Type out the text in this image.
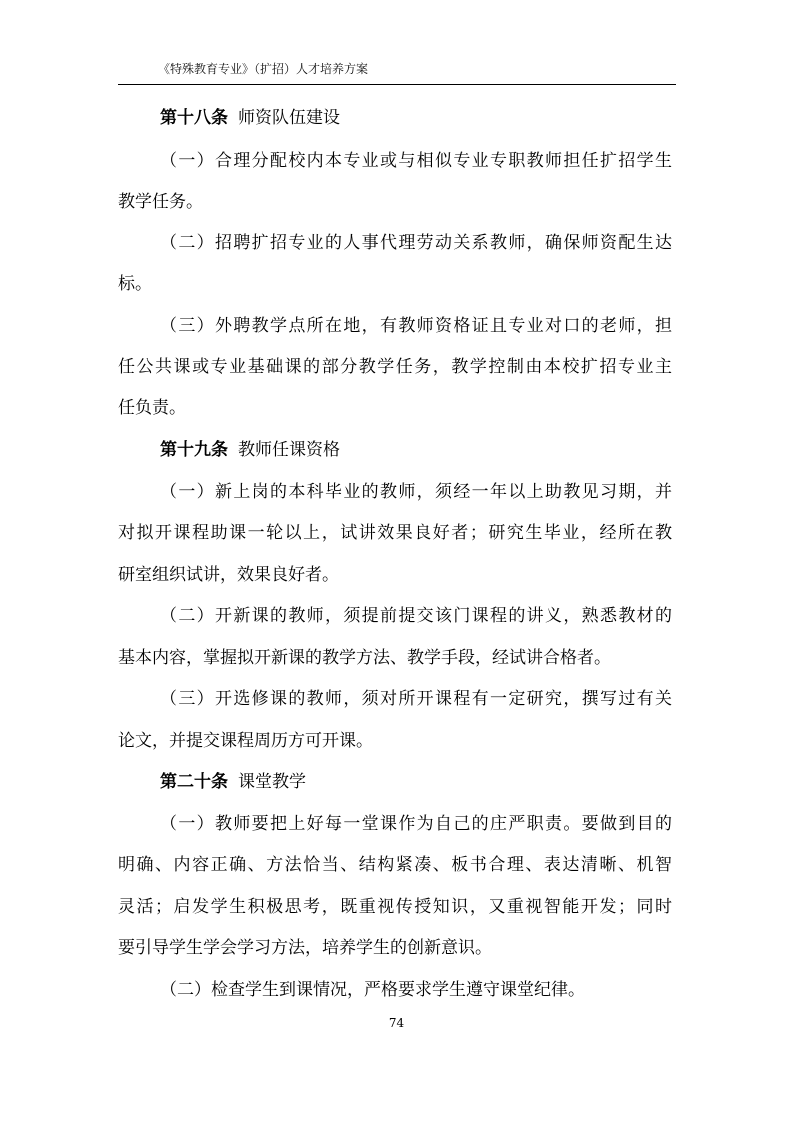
《特殊教育专业》（扩招）人才培养方案
第十八条 师资队伍建设
（一）合理分配校内本专业或与相似专业专职教师担任扩招学生
教学任务。
（二）招聘扩招专业的人事代理劳动关系教师，确保师资配生达
标。
（三）外聘教学点所在地，有教师资格证且专业对口的老师，担
任公共课或专业基础课的部分教学任务，教学控制由本校扩招专业主
任负责。
第十九条 教师任课资格
（一）新上岗的本科毕业的教师，须经一年以上助教见习期，并
对拟开课程助课一轮以上，试讲效果良好者；研究生毕业，经所在教
研室组织试讲，效果良好者。
（二）开新课的教师，须提前提交该门课程的讲义，熟悉教材的
基本内容，掌握拟开新课的教学方法、教学手段，经试讲合格者。
（三）开选修课的教师，须对所开课程有一定研究，撰写过有关
论文，并提交课程周历方可开课。
第二十条 课堂教学
（一）教师要把上好每一堂课作为自己的庄严职责。要做到目的
明确、内容正确、方法恰当、结构紧凑、板书合理、表达清晰、机智
灵活；启发学生积极思考，既重视传授知识，又重视智能开发；同时
要引导学生学会学习方法，培养学生的创新意识。
（二）检查学生到课情况，严格要求学生遵守课堂纪律。
74
